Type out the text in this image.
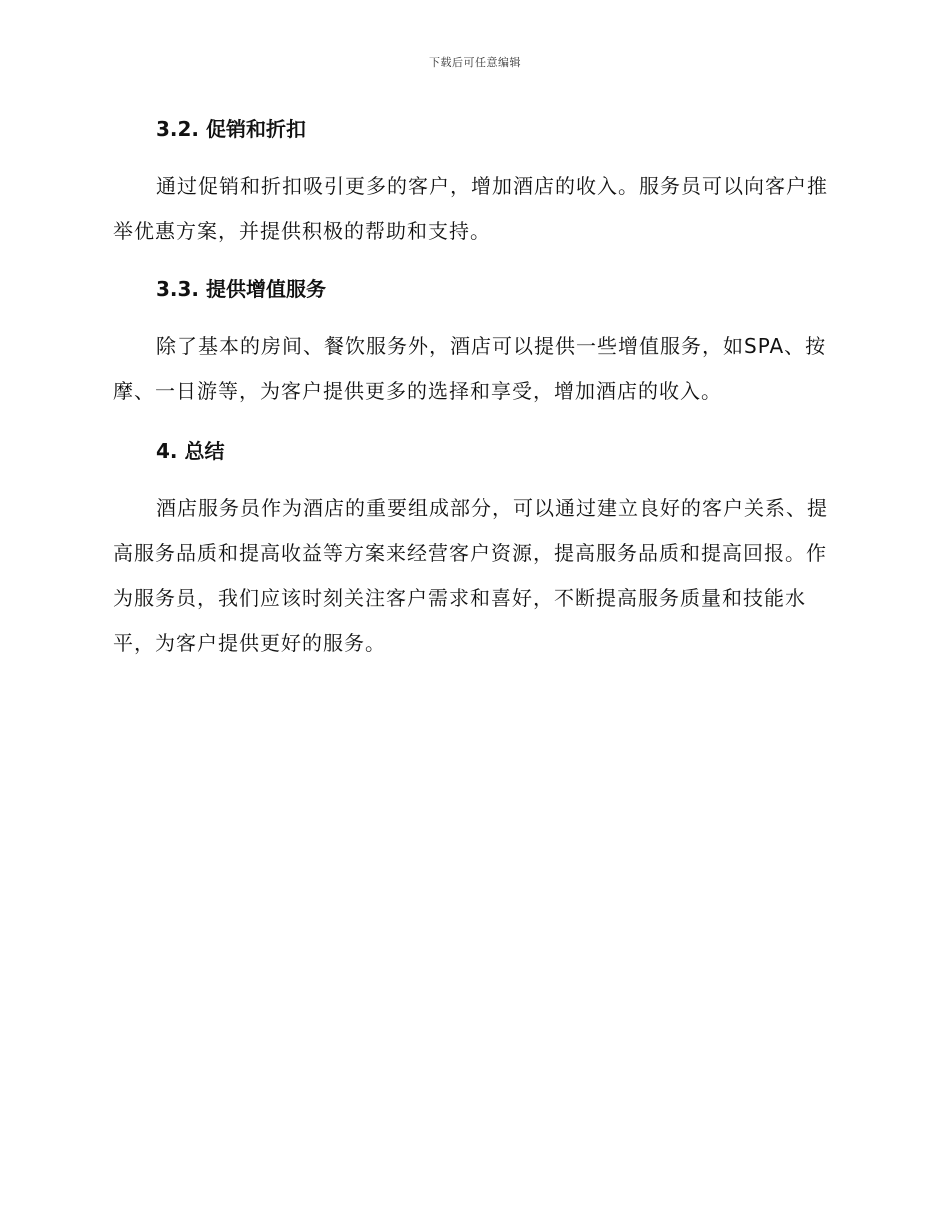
下载后可任意编辑
3.2. 促销和折扣

通过促销和折扣吸引更多的客户，增加酒店的收入。服务员可以向客户推举优惠方案，并提供积极的帮助和支持。

3.3. 提供增值服务

除了基本的房间、餐饮服务外，酒店可以提供一些增值服务，如SPA、按摩、一日游等，为客户提供更多的选择和享受，增加酒店的收入。

4. 总结

酒店服务员作为酒店的重要组成部分，可以通过建立良好的客户关系、提高服务品质和提高收益等方案来经营客户资源，提高服务品质和提高回报。作为服务员，我们应该时刻关注客户需求和喜好，不断提高服务质量和技能水平，为客户提供更好的服务。
